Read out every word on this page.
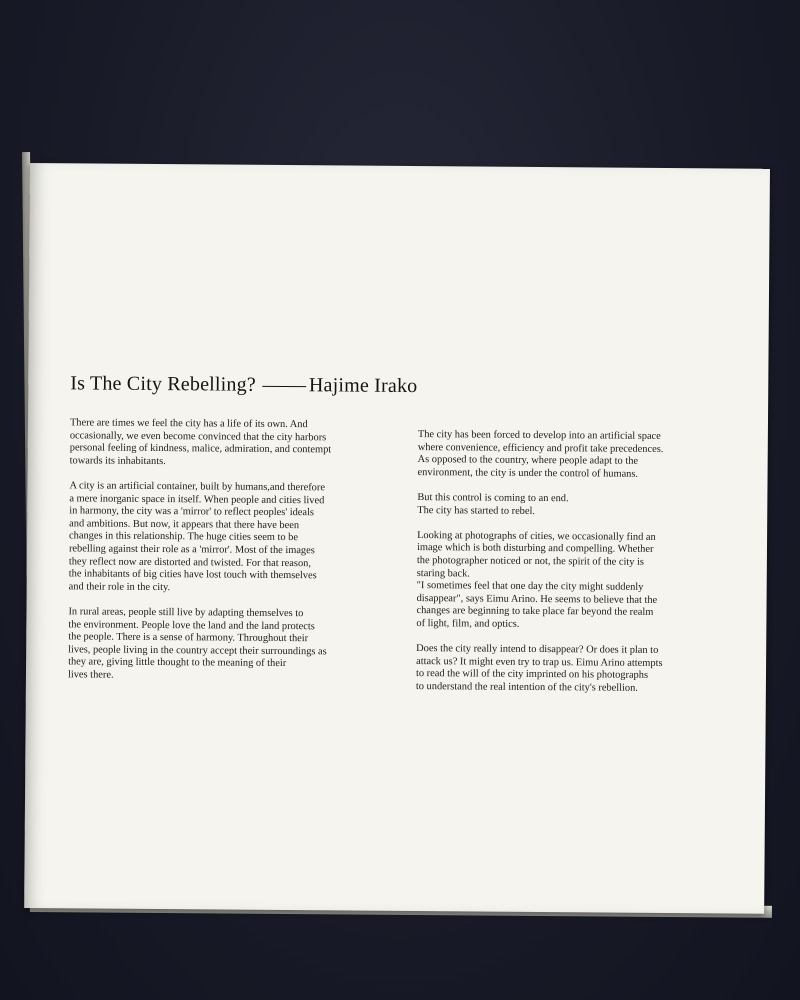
Is The City Rebelling?	Hajime Irako
There are times we feel the city has a life of its own. And
occasionally, we even become convinced that the city harbors
personal feeling of kindness, malice, admiration, and contempt
towards its inhabitants.
A city is an artificial container, built by humans,and therefore
a mere inorganic space in itself. When people and cities lived
in harmony, the city was a 'mirror' to reflect peoples' ideals
and ambitions. But now, it appears that there have been
changes in this relationship. The huge cities seem to be
rebelling against their role as a 'mirror'. Most of the images
they reflect now are distorted and twisted. For that reason,
the inhabitants of big cities have lost touch with themselves
and their role in the city.
In rural areas, people still live by adapting themselves to
the environment. People love the land and the land protects
the people. There is a sense of harmony. Throughout their
lives, people living in the country accept their surroundings as
they are, giving little thought to the meaning of their
lives there.
The city has been forced to develop into an artificial space
where convenience, efficiency and profit take precedences.
As opposed to the country, where people adapt to the
environment, the city is under the control of humans.
But this control is coming to an end.
The city has started to rebel.
Looking at photographs of cities, we occasionally find an
image which is both disturbing and compelling. Whether
the photographer noticed or not, the spirit of the city is
staring back.
"I sometimes feel that one day the city might suddenly
disappear", says Eimu Arino. He seems to believe that the
changes are beginning to take place far beyond the realm
of light, film, and optics.
Does the city really intend to disappear? Or does it plan to
attack us? It might even try to trap us. Eimu Arino attempts
to read the will of the city imprinted on his photographs
to understand the real intention of the city's rebellion.
